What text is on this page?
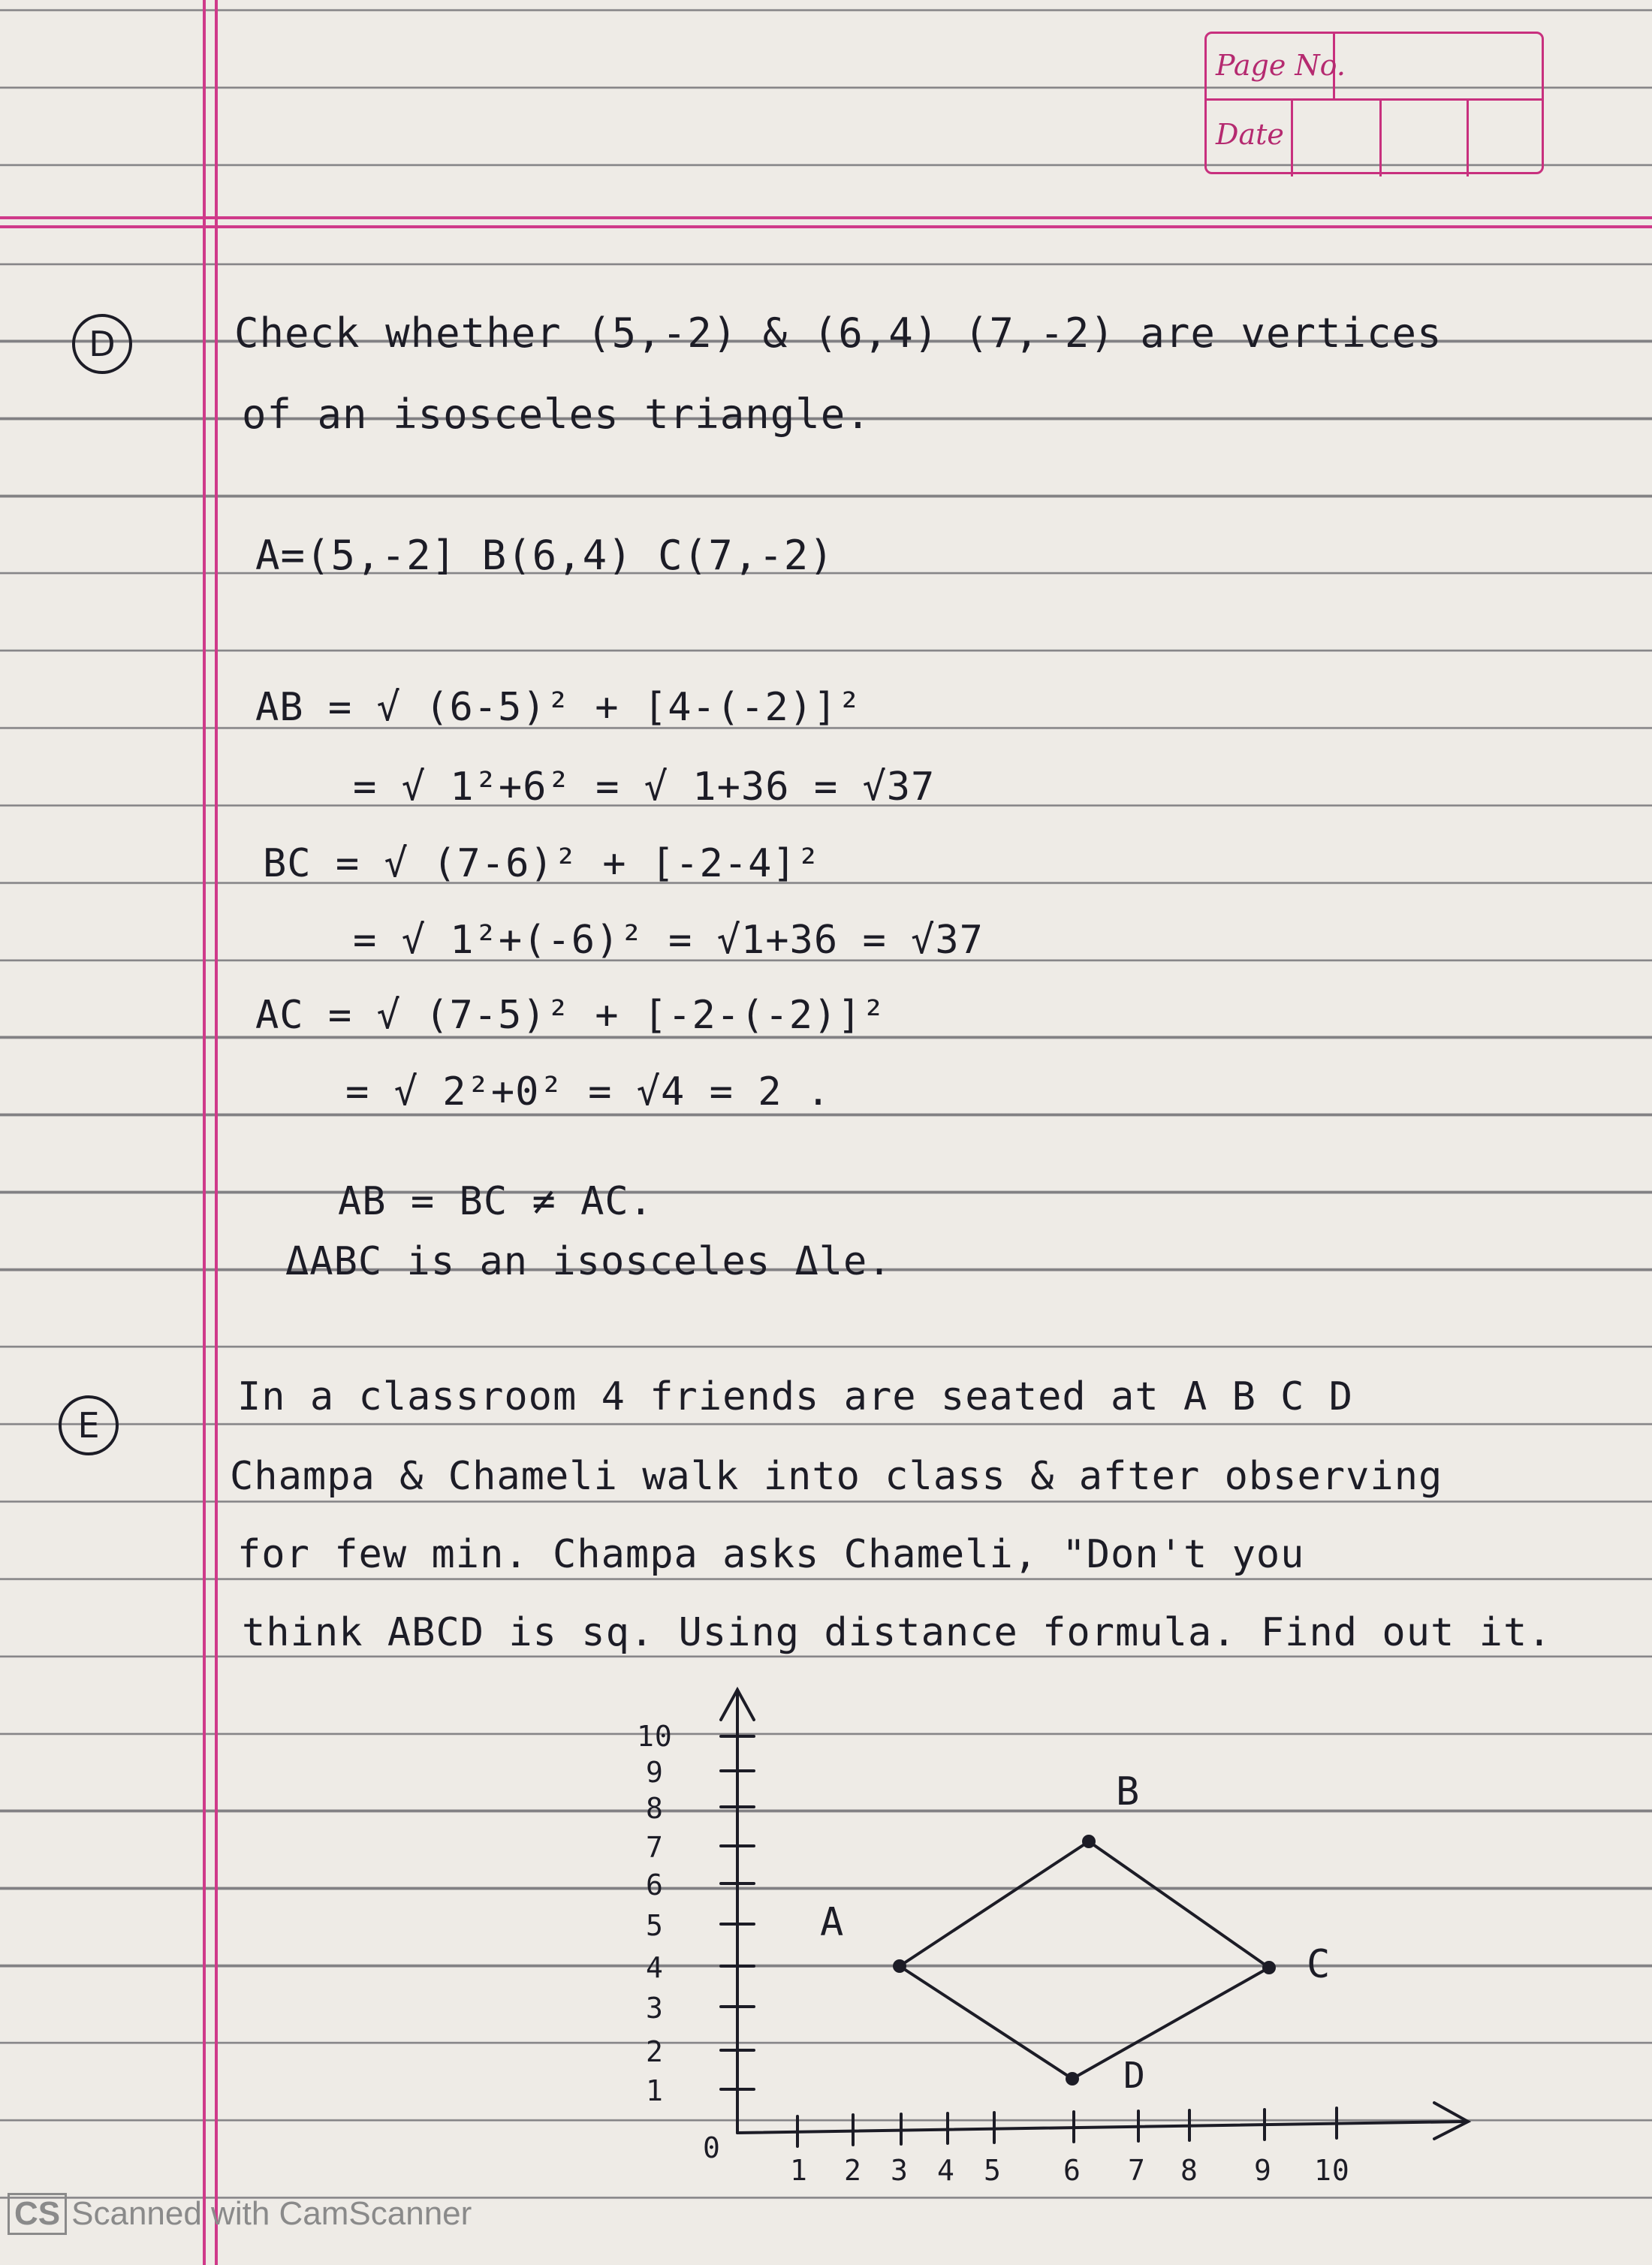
Page No.
Date
D	Check whether (5,-2) & (6,4) (7,-2) are vertices
of an isosceles triangle.
A=(5,-2] B(6,4) C(7,-2)
AB = √ (6-5)² + [4-(-2)]²
= √ 1²+6² = √ 1+36 = √37
BC = √ (7-6)² + [-2-4]²
= √ 1²+(-6)² = √1+36 = √37
AC = √ (7-5)² + [-2-(-2)]²
= √ 2²+0² = √4 = 2 .
AB = BC ≠ AC.
ΔABC is an isosceles Δle.
E
In a classroom 4 friends are seated at A B C D
Champa & Chameli walk into class & after observing
for few min. Champa asks Chameli, "Don't you
think ABCD is sq. Using distance formula. Find out it.
1 2 3 4 5 6 7 8 9 10
0
1
2
3
4
5
6
7
8
9
10
A
B
C
D
CS Scanned with CamScanner
